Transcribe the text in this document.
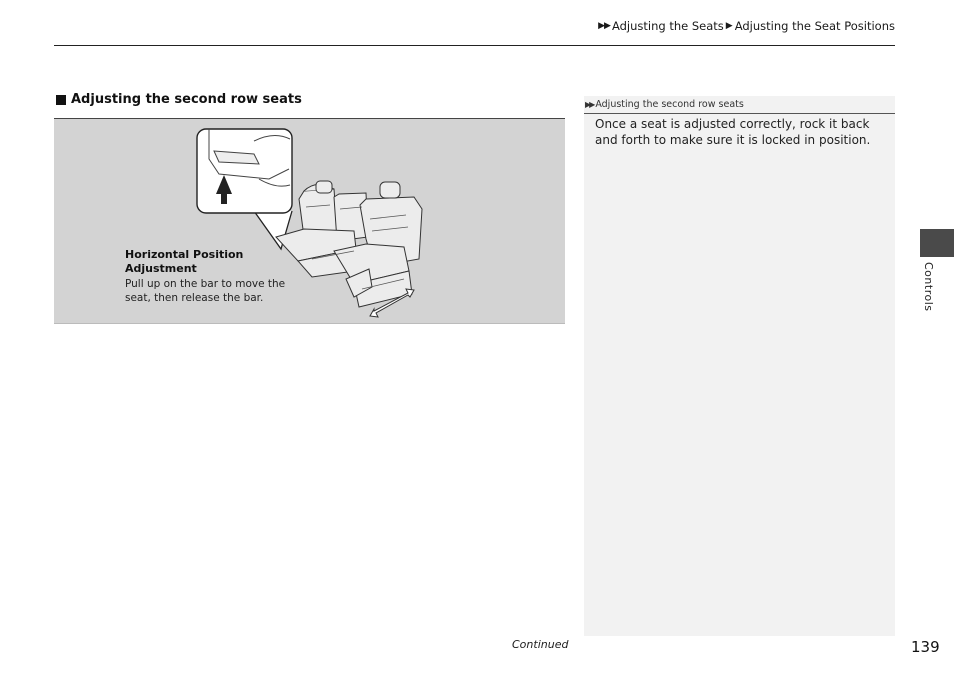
▶▶ Adjusting the Seats ▶ Adjusting the Seat Positions
Adjusting the second row seats
Horizontal Position Adjustment
Pull up on the bar to move the seat, then release the bar.
▶▶ Adjusting the second row seats
Once a seat is adjusted correctly, rock it back and forth to make sure it is locked in position.
Controls
Continued	139
